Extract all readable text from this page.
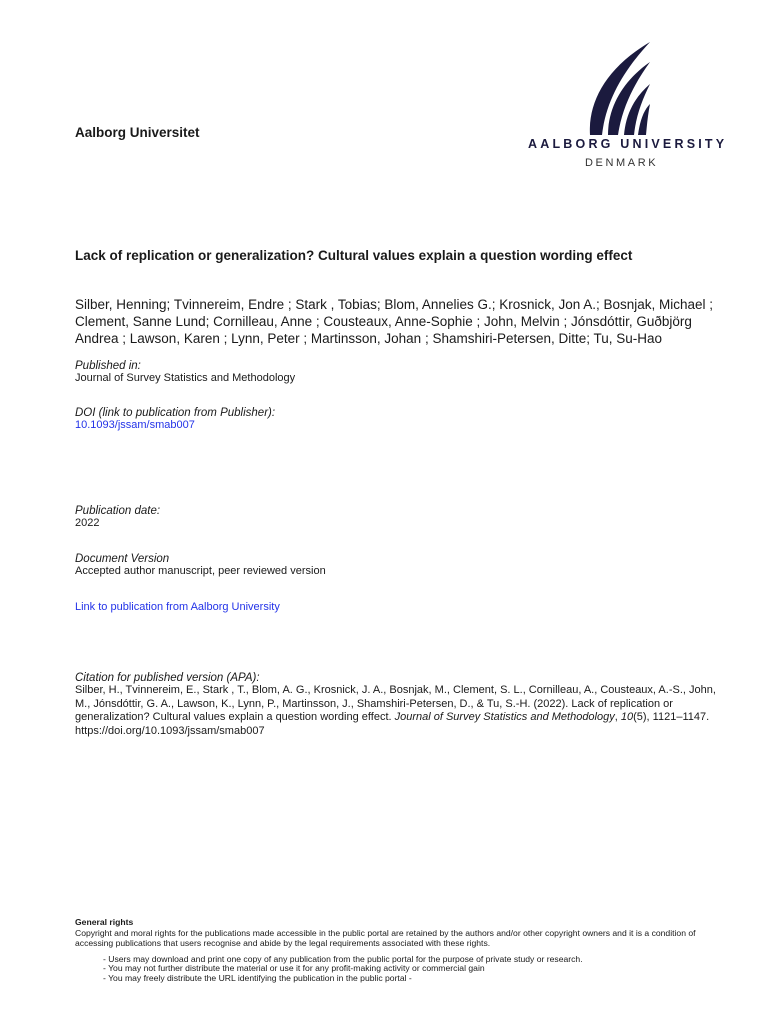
Aalborg Universitet
AALBORG UNIVERSITY
DENMARK
Lack of replication or generalization? Cultural values explain a question wording effect
Silber, Henning; Tvinnereim, Endre ; Stark , Tobias; Blom, Annelies G.; Krosnick, Jon A.; Bosnjak, Michael ; Clement, Sanne Lund; Cornilleau, Anne ; Cousteaux, Anne-Sophie ; John, Melvin ; Jónsdóttir, Guðbjörg Andrea ; Lawson, Karen ; Lynn, Peter ; Martinsson, Johan ; Shamshiri-Petersen, Ditte; Tu, Su-Hao
Published in:
Journal of Survey Statistics and Methodology
DOI (link to publication from Publisher):
10.1093/jssam/smab007
Publication date:
2022
Document Version
Accepted author manuscript, peer reviewed version
Link to publication from Aalborg University
Citation for published version (APA):
Silber, H., Tvinnereim, E., Stark , T., Blom, A. G., Krosnick, J. A., Bosnjak, M., Clement, S. L., Cornilleau, A., Cousteaux, A.-S., John, M., Jónsdóttir, G. A., Lawson, K., Lynn, P., Martinsson, J., Shamshiri-Petersen, D., & Tu, S.-H. (2022). Lack of replication or generalization? Cultural values explain a question wording effect. Journal of Survey Statistics and Methodology, 10(5), 1121–1147. https://doi.org/10.1093/jssam/smab007
General rights
Copyright and moral rights for the publications made accessible in the public portal are retained by the authors and/or other copyright owners and it is a condition of accessing publications that users recognise and abide by the legal requirements associated with these rights.
- Users may download and print one copy of any publication from the public portal for the purpose of private study or research.
- You may not further distribute the material or use it for any profit-making activity or commercial gain
- You may freely distribute the URL identifying the publication in the public portal -
